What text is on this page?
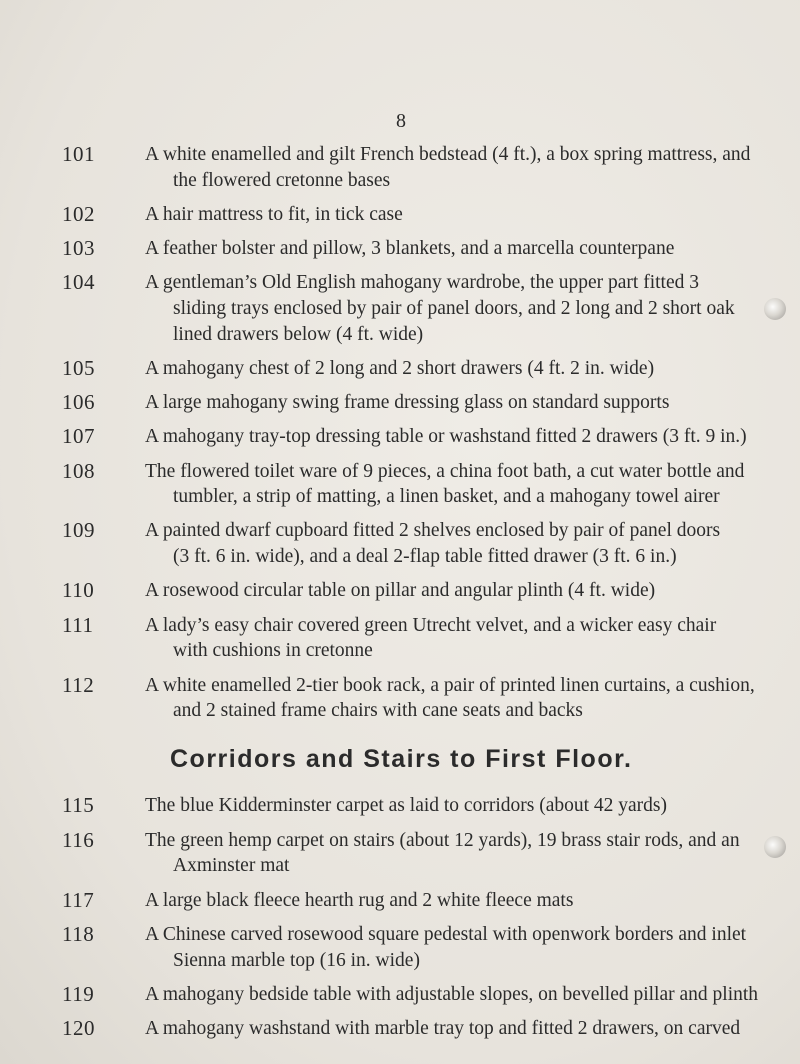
8
101	A white enamelled and gilt French bedstead (4 ft.), a box spring mattress, and
the flowered cretonne bases
102	A hair mattress to fit, in tick case
103	A feather bolster and pillow, 3 blankets, and a marcella counterpane
104	A gentleman’s Old English mahogany wardrobe, the upper part fitted 3
sliding trays enclosed by pair of panel doors, and 2 long and 2 short oak
lined drawers below (4 ft. wide)
105	A mahogany chest of 2 long and 2 short drawers (4 ft. 2 in. wide)
106	A large mahogany swing frame dressing glass on standard supports
107	A mahogany tray-top dressing table or washstand fitted 2 drawers (3 ft. 9 in.)
108	The flowered toilet ware of 9 pieces, a china foot bath, a cut water bottle and
tumbler, a strip of matting, a linen basket, and a mahogany towel airer
109	A painted dwarf cupboard fitted 2 shelves enclosed by pair of panel doors
(3 ft. 6 in. wide), and a deal 2-flap table fitted drawer (3 ft. 6 in.)
110	A rosewood circular table on pillar and angular plinth (4 ft. wide)
111	A lady’s easy chair covered green Utrecht velvet, and a wicker easy chair
with cushions in cretonne
112	A white enamelled 2-tier book rack, a pair of printed linen curtains, a cushion,
and 2 stained frame chairs with cane seats and backs
Corridors and Stairs to First Floor.
115	The blue Kidderminster carpet as laid to corridors (about 42 yards)
116	The green hemp carpet on stairs (about 12 yards), 19 brass stair rods, and an
Axminster mat
117	A large black fleece hearth rug and 2 white fleece mats
118	A Chinese carved rosewood square pedestal with openwork borders and inlet
Sienna marble top (16 in. wide)
119	A mahogany bedside table with adjustable slopes, on bevelled pillar and plinth
120	A mahogany washstand with marble tray top and fitted 2 drawers, on carved
